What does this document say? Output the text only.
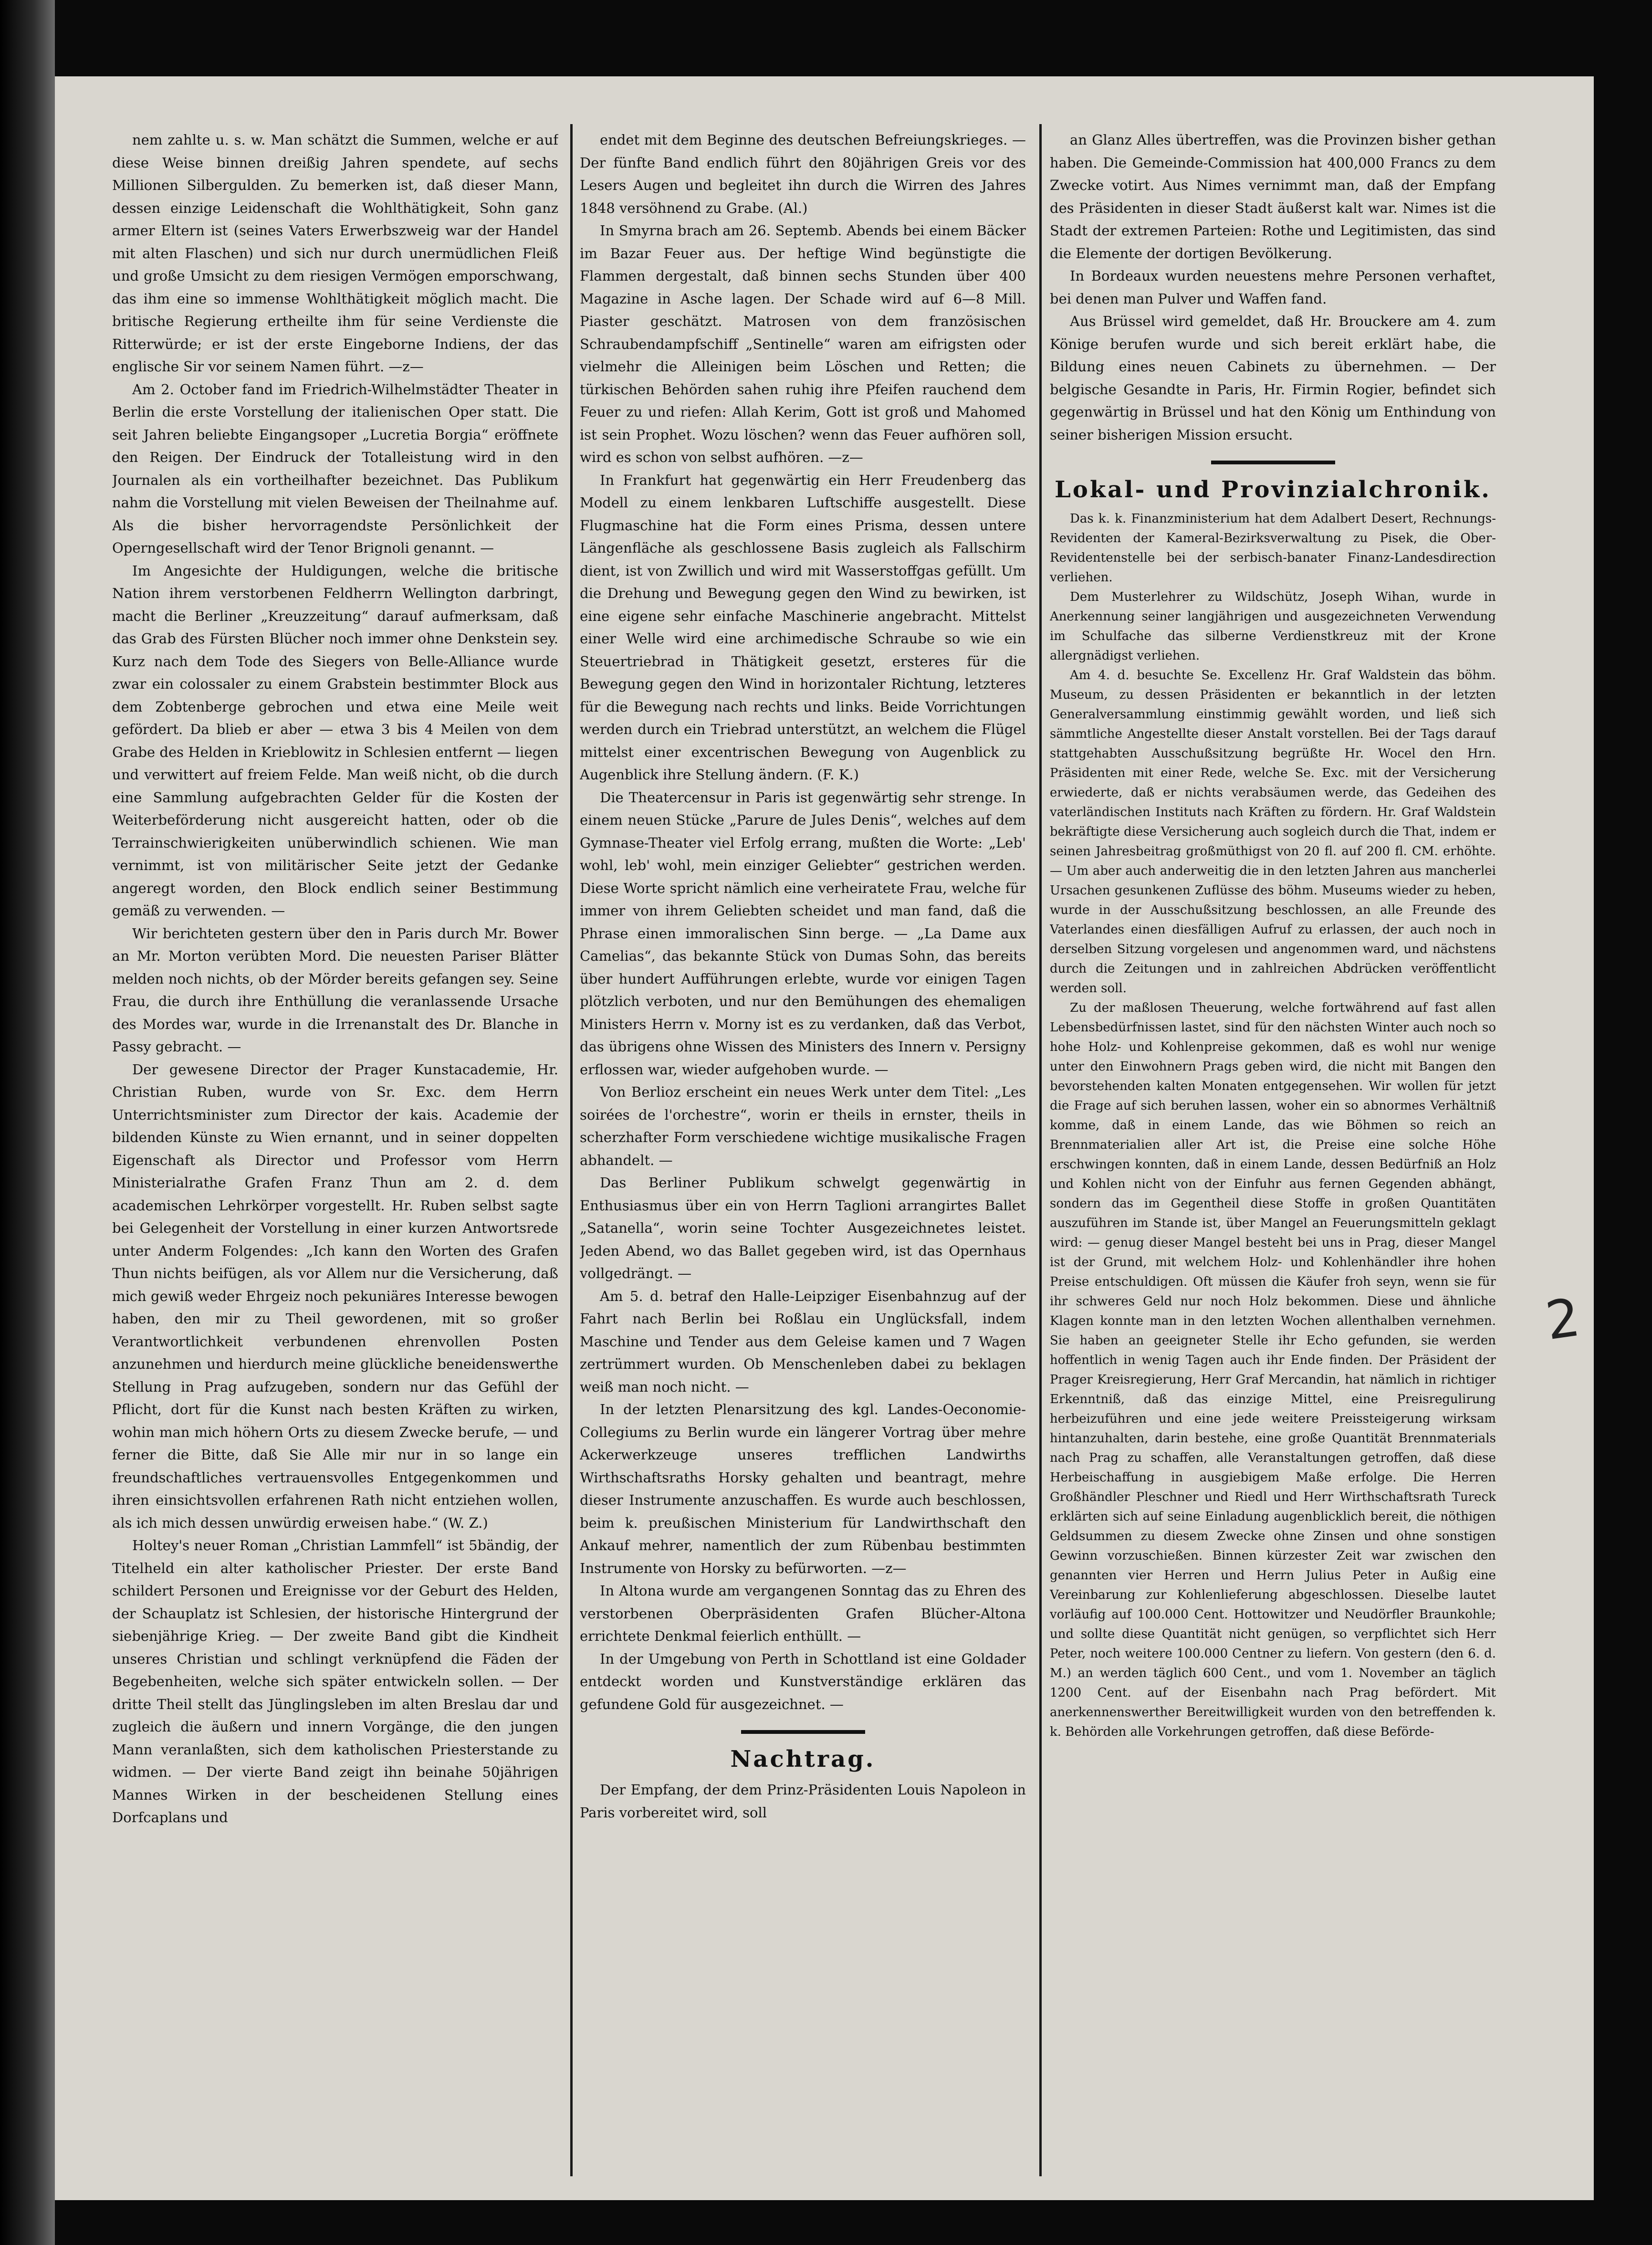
nem zahlte u. s. w. Man schätzt die Summen, welche er auf diese Weise binnen dreißig Jahren spendete, auf sechs Millionen Silbergulden. Zu bemerken ist, daß dieser Mann, dessen einzige Leidenschaft die Wohlthätigkeit, Sohn ganz armer Eltern ist (seines Vaters Erwerbszweig war der Handel mit alten Flaschen) und sich nur durch unermüdlichen Fleiß und große Umsicht zu dem riesigen Vermögen emporschwang, das ihm eine so immense Wohlthätigkeit möglich macht. Die britische Regierung ertheilte ihm für seine Verdienste die Ritterwürde; er ist der erste Eingeborne Indiens, der das englische Sir vor seinem Namen führt. —z—

Am 2. October fand im Friedrich-Wilhelmstädter Theater in Berlin die erste Vorstellung der italienischen Oper statt. Die seit Jahren beliebte Eingangsoper „Lucretia Borgia“ eröffnete den Reigen. Der Eindruck der Totalleistung wird in den Journalen als ein vortheilhafter bezeichnet. Das Publikum nahm die Vorstellung mit vielen Beweisen der Theilnahme auf. Als die bisher hervorragendste Persönlichkeit der Operngesellschaft wird der Tenor Brignoli genannt. —

Im Angesichte der Huldigungen, welche die britische Nation ihrem verstorbenen Feldherrn Wellington darbringt, macht die Berliner „Kreuzzeitung“ darauf aufmerksam, daß das Grab des Fürsten Blücher noch immer ohne Denkstein sey. Kurz nach dem Tode des Siegers von Belle-Alliance wurde zwar ein colossaler zu einem Grabstein bestimmter Block aus dem Zobtenberge gebrochen und etwa eine Meile weit gefördert. Da blieb er aber — etwa 3 bis 4 Meilen von dem Grabe des Helden in Krieblowitz in Schlesien entfernt — liegen und verwittert auf freiem Felde. Man weiß nicht, ob die durch eine Sammlung aufgebrachten Gelder für die Kosten der Weiterbeförderung nicht ausgereicht hatten, oder ob die Terrainschwierigkeiten unüberwindlich schienen. Wie man vernimmt, ist von militärischer Seite jetzt der Gedanke angeregt worden, den Block endlich seiner Bestimmung gemäß zu verwenden. —

Wir berichteten gestern über den in Paris durch Mr. Bower an Mr. Morton verübten Mord. Die neuesten Pariser Blätter melden noch nichts, ob der Mörder bereits gefangen sey. Seine Frau, die durch ihre Enthüllung die veranlassende Ursache des Mordes war, wurde in die Irrenanstalt des Dr. Blanche in Passy gebracht. —

Der gewesene Director der Prager Kunstacademie, Hr. Christian Ruben, wurde von Sr. Exc. dem Herrn Unterrichtsminister zum Director der kais. Academie der bildenden Künste zu Wien ernannt, und in seiner doppelten Eigenschaft als Director und Professor vom Herrn Ministerialrathe Grafen Franz Thun am 2. d. dem academischen Lehrkörper vorgestellt. Hr. Ruben selbst sagte bei Gelegenheit der Vorstellung in einer kurzen Antwortsrede unter Anderm Folgendes: „Ich kann den Worten des Grafen Thun nichts beifügen, als vor Allem nur die Versicherung, daß mich gewiß weder Ehrgeiz noch pekuniäres Interesse bewogen haben, den mir zu Theil gewordenen, mit so großer Verantwortlichkeit verbundenen ehrenvollen Posten anzunehmen und hierdurch meine glückliche beneidenswerthe Stellung in Prag aufzugeben, sondern nur das Gefühl der Pflicht, dort für die Kunst nach besten Kräften zu wirken, wohin man mich höhern Orts zu diesem Zwecke berufe, — und ferner die Bitte, daß Sie Alle mir nur in so lange ein freundschaftliches vertrauensvolles Entgegenkommen und ihren einsichtsvollen erfahrenen Rath nicht entziehen wollen, als ich mich dessen unwürdig erweisen habe.“ (W. Z.)

Holtey's neuer Roman „Christian Lammfell“ ist 5bändig, der Titelheld ein alter katholischer Priester. Der erste Band schildert Personen und Ereignisse vor der Geburt des Helden, der Schauplatz ist Schlesien, der historische Hintergrund der siebenjährige Krieg. — Der zweite Band gibt die Kindheit unseres Christian und schlingt verknüpfend die Fäden der Begebenheiten, welche sich später entwickeln sollen. — Der dritte Theil stellt das Jünglingsleben im alten Breslau dar und zugleich die äußern und innern Vorgänge, die den jungen Mann veranlaßten, sich dem katholischen Priesterstande zu widmen. — Der vierte Band zeigt ihn beinahe 50jährigen Mannes Wirken in der bescheidenen Stellung eines Dorfcaplans und

endet mit dem Beginne des deutschen Befreiungskrieges. — Der fünfte Band endlich führt den 80jährigen Greis vor des Lesers Augen und begleitet ihn durch die Wirren des Jahres 1848 versöhnend zu Grabe. (Al.)

In Smyrna brach am 26. Septemb. Abends bei einem Bäcker im Bazar Feuer aus. Der heftige Wind begünstigte die Flammen dergestalt, daß binnen sechs Stunden über 400 Magazine in Asche lagen. Der Schade wird auf 6—8 Mill. Piaster geschätzt. Matrosen von dem französischen Schraubendampfschiff „Sentinelle“ waren am eifrigsten oder vielmehr die Alleinigen beim Löschen und Retten; die türkischen Behörden sahen ruhig ihre Pfeifen rauchend dem Feuer zu und riefen: Allah Kerim, Gott ist groß und Mahomed ist sein Prophet. Wozu löschen? wenn das Feuer aufhören soll, wird es schon von selbst aufhören. —z—

In Frankfurt hat gegenwärtig ein Herr Freudenberg das Modell zu einem lenkbaren Luftschiffe ausgestellt. Diese Flugmaschine hat die Form eines Prisma, dessen untere Längenfläche als geschlossene Basis zugleich als Fallschirm dient, ist von Zwillich und wird mit Wasserstoffgas gefüllt. Um die Drehung und Bewegung gegen den Wind zu bewirken, ist eine eigene sehr einfache Maschinerie angebracht. Mittelst einer Welle wird eine archimedische Schraube so wie ein Steuertriebrad in Thätigkeit gesetzt, ersteres für die Bewegung gegen den Wind in horizontaler Richtung, letzteres für die Bewegung nach rechts und links. Beide Vorrichtungen werden durch ein Triebrad unterstützt, an welchem die Flügel mittelst einer excentrischen Bewegung von Augenblick zu Augenblick ihre Stellung ändern. (F. K.)

Die Theatercensur in Paris ist gegenwärtig sehr strenge. In einem neuen Stücke „Parure de Jules Denis“, welches auf dem Gymnase-Theater viel Erfolg errang, mußten die Worte: „Leb' wohl, leb' wohl, mein einziger Geliebter“ gestrichen werden. Diese Worte spricht nämlich eine verheiratete Frau, welche für immer von ihrem Geliebten scheidet und man fand, daß die Phrase einen immoralischen Sinn berge. — „La Dame aux Camelias“, das bekannte Stück von Dumas Sohn, das bereits über hundert Aufführungen erlebte, wurde vor einigen Tagen plötzlich verboten, und nur den Bemühungen des ehemaligen Ministers Herrn v. Morny ist es zu verdanken, daß das Verbot, das übrigens ohne Wissen des Ministers des Innern v. Persigny erflossen war, wieder aufgehoben wurde. —

Von Berlioz erscheint ein neues Werk unter dem Titel: „Les soirées de l'orchestre“, worin er theils in ernster, theils in scherzhafter Form verschiedene wichtige musikalische Fragen abhandelt. —

Das Berliner Publikum schwelgt gegenwärtig in Enthusiasmus über ein von Herrn Taglioni arrangirtes Ballet „Satanella“, worin seine Tochter Ausgezeichnetes leistet. Jeden Abend, wo das Ballet gegeben wird, ist das Opernhaus vollgedrängt. —

Am 5. d. betraf den Halle-Leipziger Eisenbahnzug auf der Fahrt nach Berlin bei Roßlau ein Unglücksfall, indem Maschine und Tender aus dem Geleise kamen und 7 Wagen zertrümmert wurden. Ob Menschenleben dabei zu beklagen weiß man noch nicht. —

In der letzten Plenarsitzung des kgl. Landes-Oeconomie-Collegiums zu Berlin wurde ein längerer Vortrag über mehre Ackerwerkzeuge unseres trefflichen Landwirths Wirthschaftsraths Horsky gehalten und beantragt, mehre dieser Instrumente anzuschaffen. Es wurde auch beschlossen, beim k. preußischen Ministerium für Landwirthschaft den Ankauf mehrer, namentlich der zum Rübenbau bestimmten Instrumente von Horsky zu befürworten. —z—

In Altona wurde am vergangenen Sonntag das zu Ehren des verstorbenen Oberpräsidenten Grafen Blücher-Altona errichtete Denkmal feierlich enthüllt. —

In der Umgebung von Perth in Schottland ist eine Goldader entdeckt worden und Kunstverständige erklären das gefundene Gold für ausgezeichnet. —

Nachtrag.

Der Empfang, der dem Prinz-Präsidenten Louis Napoleon in Paris vorbereitet wird, soll

an Glanz Alles übertreffen, was die Provinzen bisher gethan haben. Die Gemeinde-Commission hat 400,000 Francs zu dem Zwecke votirt. Aus Nimes vernimmt man, daß der Empfang des Präsidenten in dieser Stadt äußerst kalt war. Nimes ist die Stadt der extremen Parteien: Rothe und Legitimisten, das sind die Elemente der dortigen Bevölkerung.

In Bordeaux wurden neuestens mehre Personen verhaftet, bei denen man Pulver und Waffen fand.

Aus Brüssel wird gemeldet, daß Hr. Brouckere am 4. zum Könige berufen wurde und sich bereit erklärt habe, die Bildung eines neuen Cabinets zu übernehmen. — Der belgische Gesandte in Paris, Hr. Firmin Rogier, befindet sich gegenwärtig in Brüssel und hat den König um Enthindung von seiner bisherigen Mission ersucht.

Lokal- und Provinzialchronik.

Das k. k. Finanzministerium hat dem Adalbert Desert, Rechnungs-Revidenten der Kameral-Bezirksverwaltung zu Pisek, die Ober-Revidentenstelle bei der serbisch-banater Finanz-Landesdirection verliehen.

Dem Musterlehrer zu Wildschütz, Joseph Wihan, wurde in Anerkennung seiner langjährigen und ausgezeichneten Verwendung im Schulfache das silberne Verdienstkreuz mit der Krone allergnädigst verliehen.

Am 4. d. besuchte Se. Excellenz Hr. Graf Waldstein das böhm. Museum, zu dessen Präsidenten er bekanntlich in der letzten Generalversammlung einstimmig gewählt worden, und ließ sich sämmtliche Angestellte dieser Anstalt vorstellen. Bei der Tags darauf stattgehabten Ausschußsitzung begrüßte Hr. Wocel den Hrn. Präsidenten mit einer Rede, welche Se. Exc. mit der Versicherung erwiederte, daß er nichts verabsäumen werde, das Gedeihen des vaterländischen Instituts nach Kräften zu fördern. Hr. Graf Waldstein bekräftigte diese Versicherung auch sogleich durch die That, indem er seinen Jahresbeitrag großmüthigst von 20 fl. auf 200 fl. CM. erhöhte. — Um aber auch anderweitig die in den letzten Jahren aus mancherlei Ursachen gesunkenen Zuflüsse des böhm. Museums wieder zu heben, wurde in der Ausschußsitzung beschlossen, an alle Freunde des Vaterlandes einen diesfälligen Aufruf zu erlassen, der auch noch in derselben Sitzung vorgelesen und angenommen ward, und nächstens durch die Zeitungen und in zahlreichen Abdrücken veröffentlicht werden soll.

Zu der maßlosen Theuerung, welche fortwährend auf fast allen Lebensbedürfnissen lastet, sind für den nächsten Winter auch noch so hohe Holz- und Kohlenpreise gekommen, daß es wohl nur wenige unter den Einwohnern Prags geben wird, die nicht mit Bangen den bevorstehenden kalten Monaten entgegensehen. Wir wollen für jetzt die Frage auf sich beruhen lassen, woher ein so abnormes Verhältniß komme, daß in einem Lande, das wie Böhmen so reich an Brennmaterialien aller Art ist, die Preise eine solche Höhe erschwingen konnten, daß in einem Lande, dessen Bedürfniß an Holz und Kohlen nicht von der Einfuhr aus fernen Gegenden abhängt, sondern das im Gegentheil diese Stoffe in großen Quantitäten auszuführen im Stande ist, über Mangel an Feuerungsmitteln geklagt wird: — genug dieser Mangel besteht bei uns in Prag, dieser Mangel ist der Grund, mit welchem Holz- und Kohlenhändler ihre hohen Preise entschuldigen. Oft müssen die Käufer froh seyn, wenn sie für ihr schweres Geld nur noch Holz bekommen. Diese und ähnliche Klagen konnte man in den letzten Wochen allenthalben vernehmen. Sie haben an geeigneter Stelle ihr Echo gefunden, sie werden hoffentlich in wenig Tagen auch ihr Ende finden. Der Präsident der Prager Kreisregierung, Herr Graf Mercandin, hat nämlich in richtiger Erkenntniß, daß das einzige Mittel, eine Preisregulirung herbeizuführen und eine jede weitere Preissteigerung wirksam hintanzuhalten, darin bestehe, eine große Quantität Brennmaterials nach Prag zu schaffen, alle Veranstaltungen getroffen, daß diese Herbeischaffung in ausgiebigem Maße erfolge. Die Herren Großhändler Pleschner und Riedl und Herr Wirthschaftsrath Tureck erklärten sich auf seine Einladung augenblicklich bereit, die nöthigen Geldsummen zu diesem Zwecke ohne Zinsen und ohne sonstigen Gewinn vorzuschießen. Binnen kürzester Zeit war zwischen den genannten vier Herren und Herrn Julius Peter in Außig eine Vereinbarung zur Kohlenlieferung abgeschlossen. Dieselbe lautet vorläufig auf 100.000 Cent. Hottowitzer und Neudörfler Braunkohle; und sollte diese Quantität nicht genügen, so verpflichtet sich Herr Peter, noch weitere 100.000 Centner zu liefern. Von gestern (den 6. d. M.) an werden täglich 600 Cent., und vom 1. November an täglich 1200 Cent. auf der Eisenbahn nach Prag befördert. Mit anerkennenswerther Bereitwilligkeit wurden von den betreffenden k. k. Behörden alle Vorkehrungen getroffen, daß diese Beförde-

2
